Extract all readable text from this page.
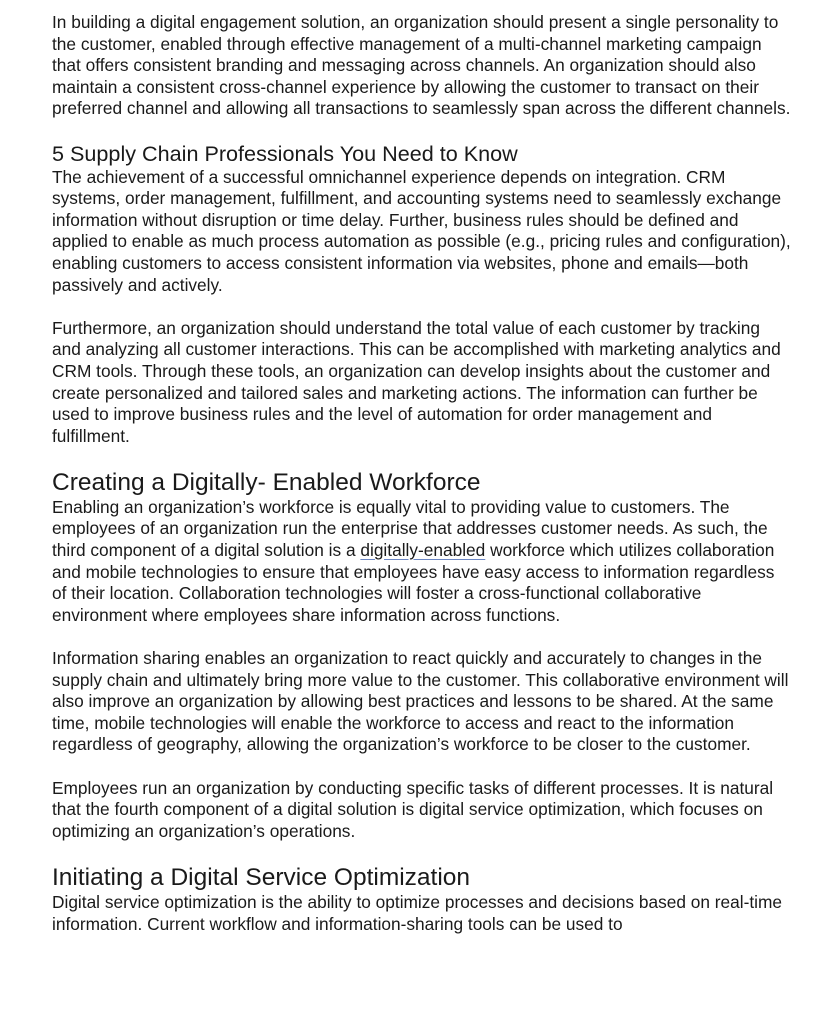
In building a digital engagement solution, an organization should present a single personality to the customer, enabled through effective management of a multi-channel marketing campaign that offers consistent branding and messaging across channels. An organization should also maintain a consistent cross-channel experience by allowing the customer to transact on their preferred channel and allowing all transactions to seamlessly span across the different channels.

5 Supply Chain Professionals You Need to Know

The achievement of a successful omnichannel experience depends on integration. CRM systems, order management, fulfillment, and accounting systems need to seamlessly exchange information without disruption or time delay. Further, business rules should be defined and applied to enable as much process automation as possible (e.g., pricing rules and configuration), enabling customers to access consistent information via websites, phone and emails—both passively and actively.

Furthermore, an organization should understand the total value of each customer by tracking and analyzing all customer interactions. This can be accomplished with marketing analytics and CRM tools. Through these tools, an organization can develop insights about the customer and create personalized and tailored sales and marketing actions. The information can further be used to improve business rules and the level of automation for order management and fulfillment.

Creating a Digitally- Enabled Workforce

Enabling an organization’s workforce is equally vital to providing value to customers. The employees of an organization run the enterprise that addresses customer needs. As such, the third component of a digital solution is a digitally-enabled workforce which utilizes collaboration and mobile technologies to ensure that employees have easy access to information regardless of their location. Collaboration technologies will foster a cross-functional collaborative environment where employees share information across functions.

Information sharing enables an organization to react quickly and accurately to changes in the supply chain and ultimately bring more value to the customer. This collaborative environment will also improve an organization by allowing best practices and lessons to be shared. At the same time, mobile technologies will enable the workforce to access and react to the information regardless of geography, allowing the organization’s workforce to be closer to the customer.

Employees run an organization by conducting specific tasks of different processes. It is natural that the fourth component of a digital solution is digital service optimization, which focuses on optimizing an organization’s operations.

Initiating a Digital Service Optimization

Digital service optimization is the ability to optimize processes and decisions based on real-time information. Current workflow and information-sharing tools can be used to
